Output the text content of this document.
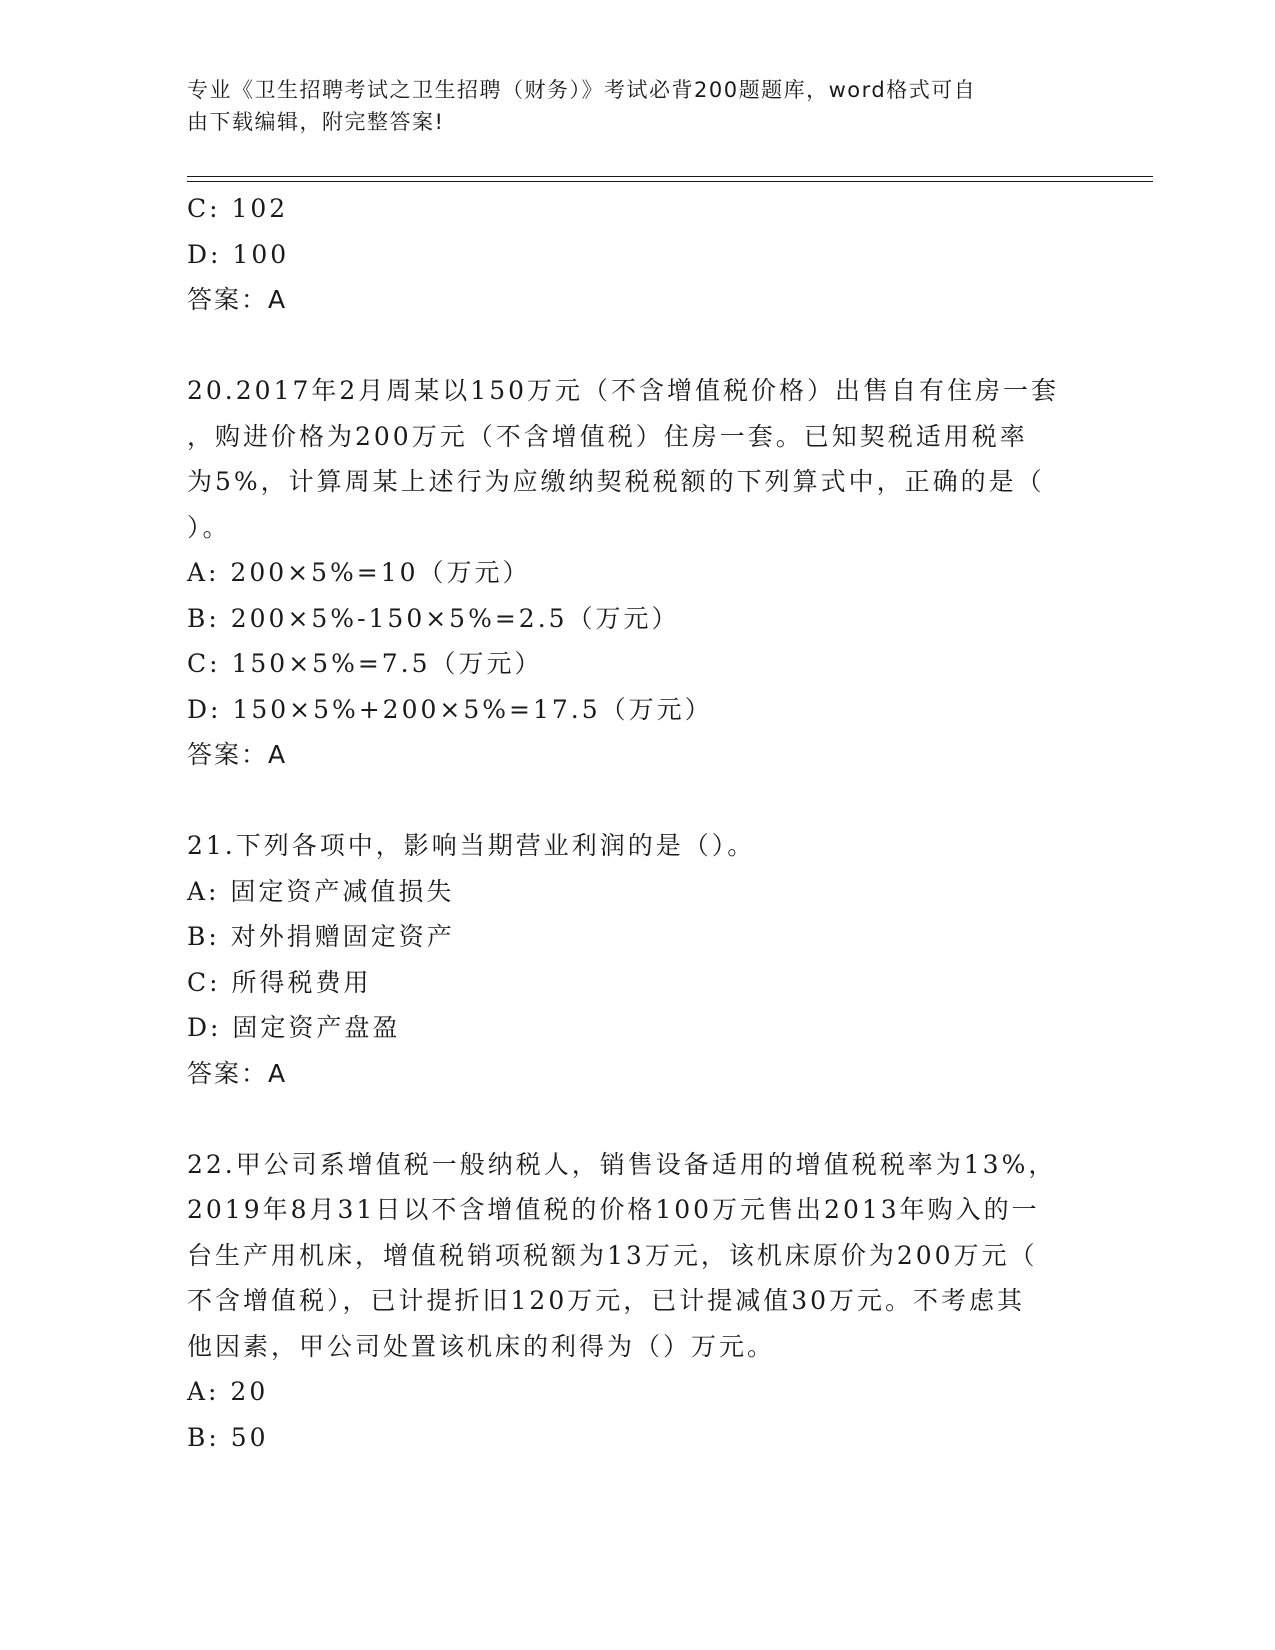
专业《卫生招聘考试之卫生招聘（财务）》考试必背200题题库，word格式可自
由下载编辑，附完整答案!
C: 102
D: 100
答案：A
20.2017年2月周某以150万元（不含增值税价格）出售自有住房一套
，购进价格为200万元（不含增值税）住房一套。已知契税适用税率
为5%，计算周某上述行为应缴纳契税税额的下列算式中，正确的是（
）。
A: 200×5%=10（万元）
B: 200×5%-150×5%=2.5（万元）
C: 150×5%=7.5（万元）
D: 150×5%+200×5%=17.5（万元）
答案：A
21.下列各项中，影响当期营业利润的是（）。
A: 固定资产减值损失
B: 对外捐赠固定资产
C: 所得税费用
D: 固定资产盘盈
答案：A
22.甲公司系增值税一般纳税人，销售设备适用的增值税税率为13%，
2019年8月31日以不含增值税的价格100万元售出2013年购入的一
台生产用机床，增值税销项税额为13万元，该机床原价为200万元（
不含增值税），已计提折旧120万元，已计提减值30万元。不考虑其
他因素，甲公司处置该机床的利得为（）万元。
A: 20
B: 50
